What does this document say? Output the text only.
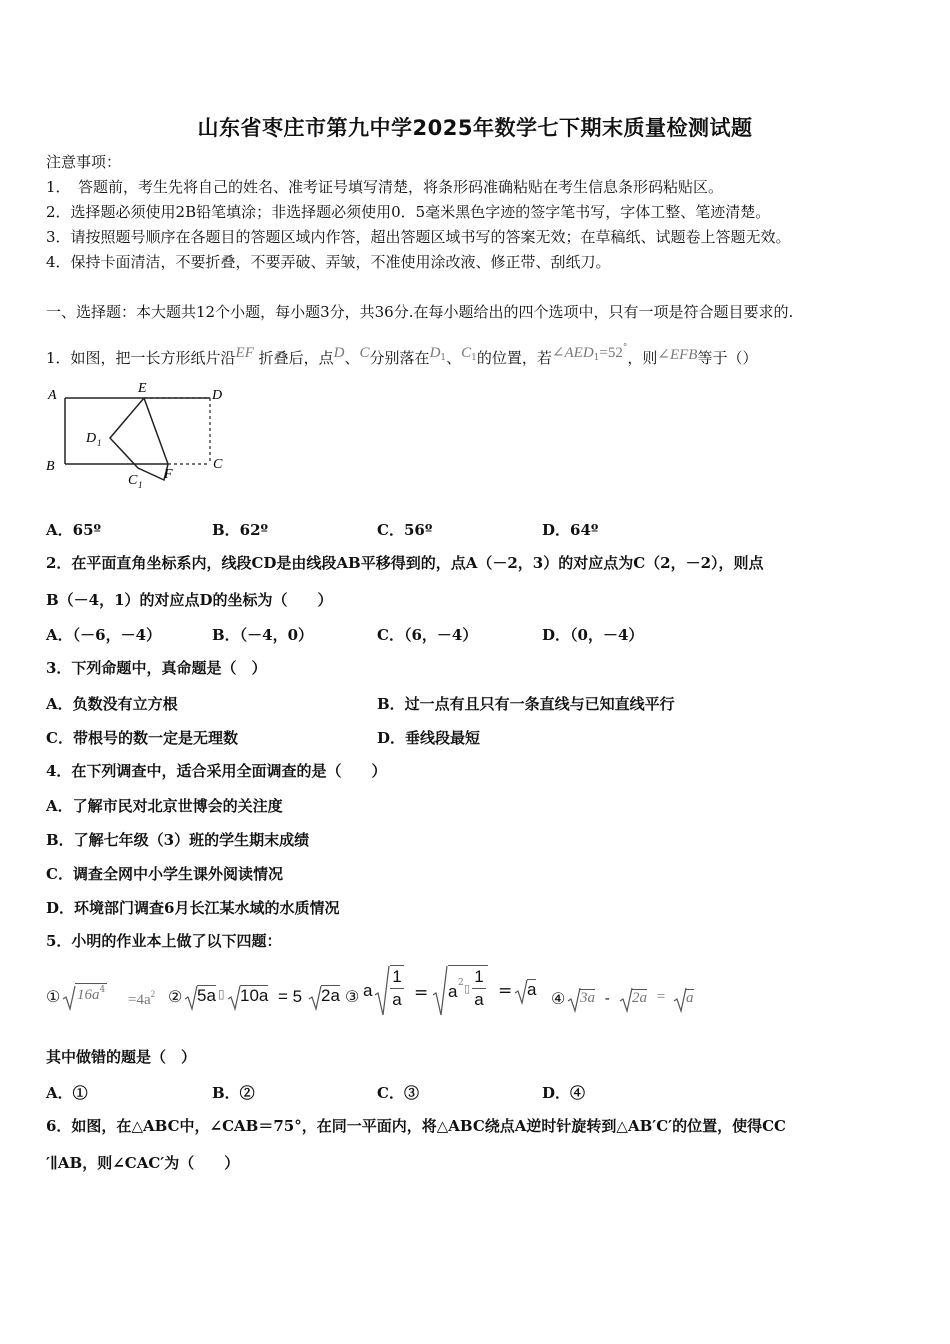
山东省枣庄市第九中学2025年数学七下期末质量检测试题
注意事项：
1．　答题前，考生先将自己的姓名、准考证号填写清楚，将条形码准确粘贴在考生信息条形码粘贴区。
2．选择题必须使用2B铅笔填涂；非选择题必须使用0．5毫米黑色字迹的签字笔书写，字体工整、笔迹清楚。
3．请按照题号顺序在各题目的答题区域内作答，超出答题区域书写的答案无效；在草稿纸、试题卷上答题无效。
4．保持卡面清洁，不要折叠，不要弄破、弄皱，不准使用涂改液、修正带、刮纸刀。
一、选择题：本大题共12个小题，每小题3分，共36分.在每小题给出的四个选项中，只有一项是符合题目要求的.
1．如图，把一长方形纸片沿EF 折叠后，点D、C分别落在$D_1$、$C_1$的位置，若$\angle AED_1=52^\circ$，则∠EFB等于（）
A
B
E	D
C
D 1
F
C 1
A．65º	B．62º	C．56º	D．64º
2．在平面直角坐标系内，线段CD是由线段AB平移得到的，点A（－2，3）的对应点为C（2，－2），则点
B（－4，1）的对应点D的坐标为（　　）
A．（－6，－4）	B．（－4，0）	C．（6，－4）	D．（0，－4）
3．下列命题中，真命题是（　）
A．负数没有立方根	B．过一点有且只有一条直线与已知直线平行
C．带根号的数一定是无理数	D．垂线段最短
4．在下列调查中，适合采用全面调查的是（　　）
A．了解市民对北京世博会的关注度
B．了解七年级（3）班的学生期末成绩
C．调查全网中小学生课外阅读情况
D．环境部门调查6月长江某水域的水质情况
5．小明的作业本上做了以下四题：
① $16a^4$
$=4a^2$ ② 5a ▯ 10a = 5 2a ③ a $\frac{1}{a} = a$ 2 ▯ $\frac{1}{a} = a$ ④ 3a - 2a = a
其中做错的题是（　）
A．①	B．②	C．③	D．④
6．如图，在△ABC中，∠CAB＝75°，在同一平面内，将△ABC绕点A逆时针旋转到△AB′C′的位置，使得CC
′∥AB，则∠CAC′为（　　）
